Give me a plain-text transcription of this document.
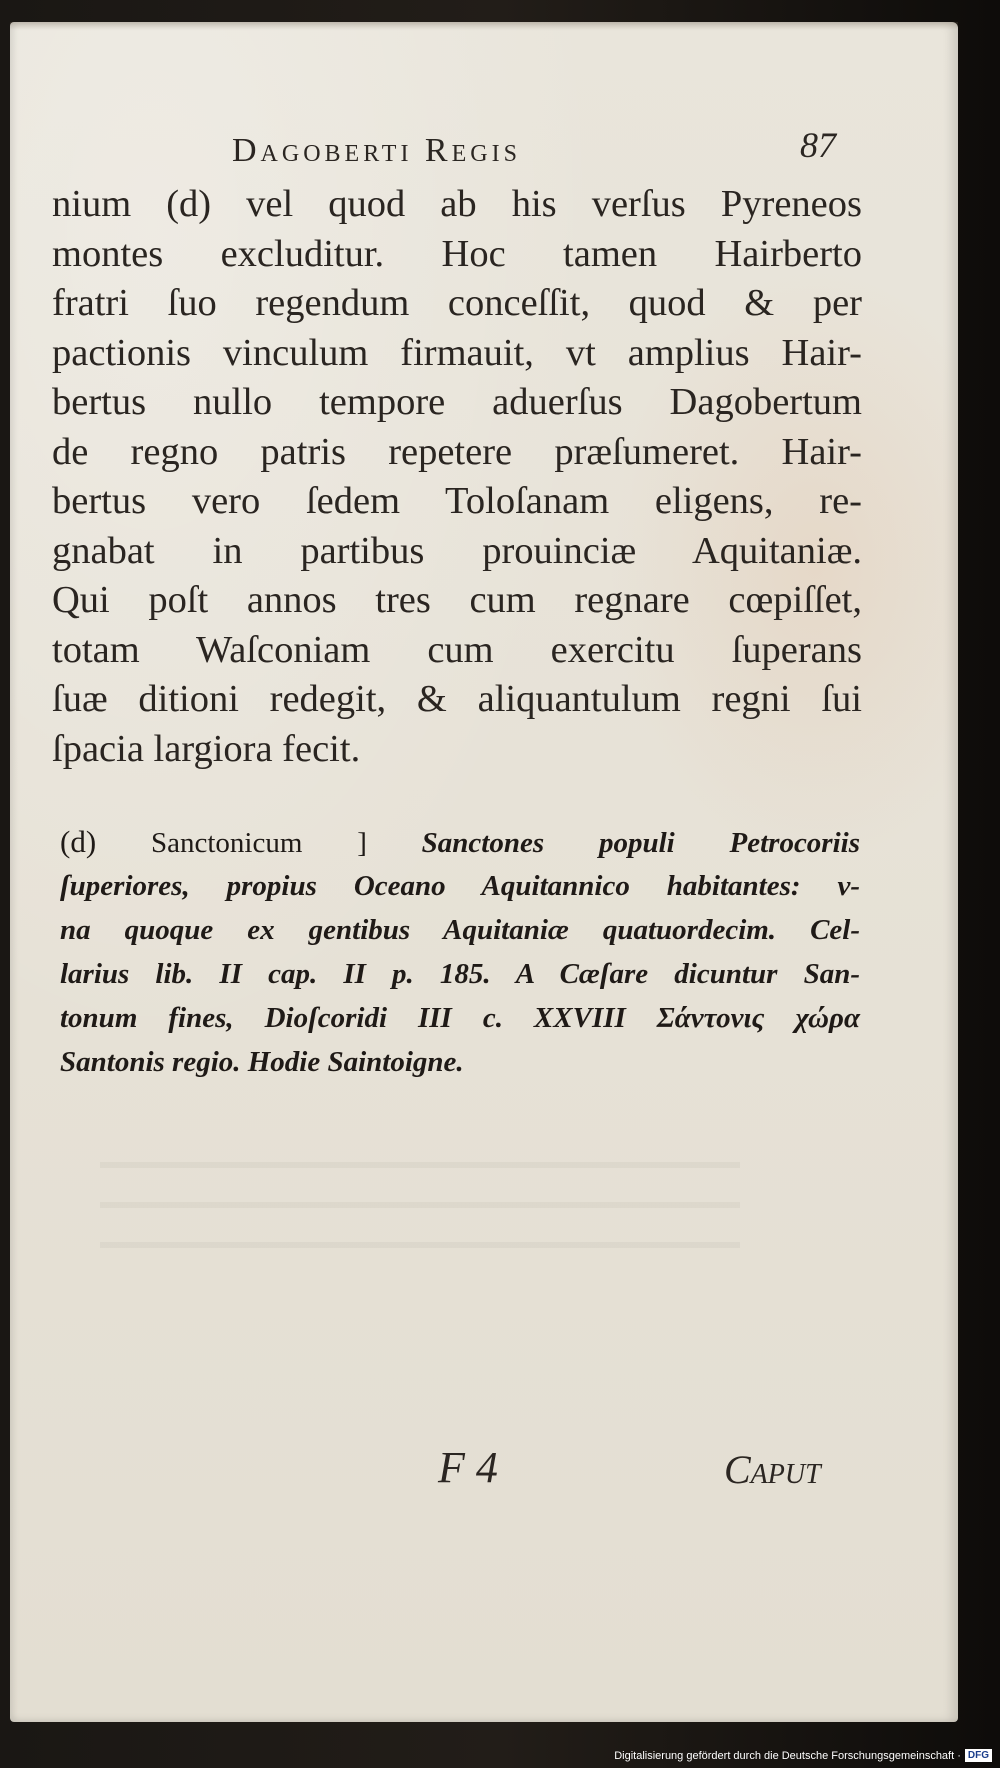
Dagoberti Regis	87
nium (d) vel quod ab his verſus Pyreneos
montes excluditur. Hoc tamen Hairberto
fratri ſuo regendum conceſſit, quod & per
pactionis vinculum firmauit, vt amplius Hair-
bertus nullo tempore aduerſus Dagobertum
de regno patris repetere præſumeret. Hair-
bertus vero ſedem Toloſanam eligens, re-
gnabat in partibus prouinciæ Aquitaniæ.
Qui poſt annos tres cum regnare cœpiſſet,
totam Waſconiam cum exercitu ſuperans
ſuæ ditioni redegit, & aliquantulum regni ſui
ſpacia largiora fecit.
(d) Sanctonicum ] Sanctones populi Petrocoriis
ſuperiores, propius Oceano Aquitannico habitantes: v-
na quoque ex gentibus Aquitaniæ quatuordecim. Cel-
larius lib. II cap. II p. 185. A Cæſare dicuntur San-
tonum fines, Dioſcoridi III c. XXVIII Σάντονις χώρα
Santonis regio. Hodie Saintoigne.
F 4	Caput
Digitalisierung gefördert durch die Deutsche Forschungsgemeinschaft · DFG
